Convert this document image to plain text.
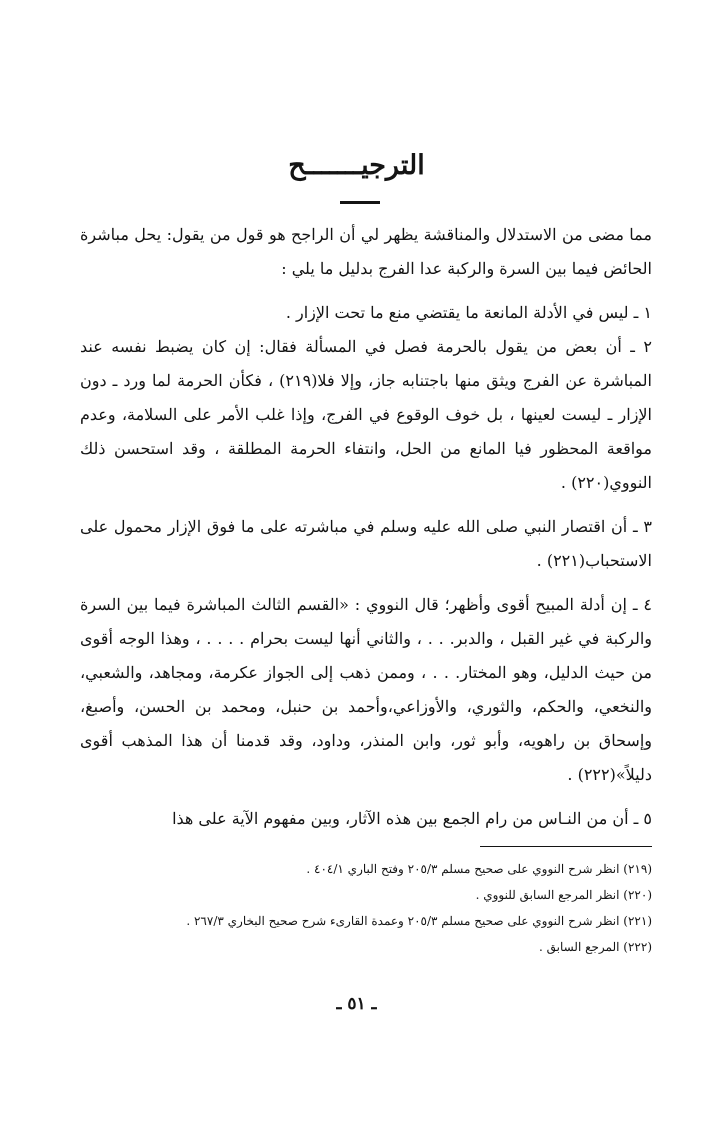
الترجيـــــــح

مما مضى من الاستدلال والمناقشة يظهر لي أن الراجح هو قول من يقول: يحل مباشرة الحائض فيما بين السرة والركبة عدا الفرج بدليل ما يلي :

١ ـ ليس في الأدلة المانعة ما يقتضي منع ما تحت الإزار .

٢ ـ أن بعض من يقول بالحرمة فصل في المسألة فقال: إن كان يضبط نفسه عند المباشرة عن الفرج ويثق منها باجتنابه جاز، وإلا فلا(٢١٩) ، فكأن الحرمة لما ورد ـ دون الإزار ـ ليست لعينها ، بل خوف الوقوع في الفرج، وإذا غلب الأمر على السلامة، وعدم مواقعة المحظور فيا المانع من الحل، وانتفاء الحرمة المطلقة ، وقد استحسن ذلك النووي(٢٢٠) .

٣ ـ أن اقتصار النبي صلى الله عليه وسلم في مباشرته على ما فوق الإزار محمول على الاستحباب(٢٢١) .

٤ ـ إن أدلة المبيح أقوى وأظهر؛ قال النووي : «القسم الثالث المباشرة فيما بين السرة والركبة في غير القبل ، والدبر. . . ، والثاني أنها ليست بحرام . . . . ، وهذا الوجه أقوى من حيث الدليل، وهو المختار. . . ، وممن ذهب إلى الجواز عكرمة، ومجاهد، والشعبي، والنخعي، والحكم، والثوري، والأوزاعي،وأحمد بن حنبل، ومحمد بن الحسن، وأصبغ، وإسحاق بن راهويه، وأبو ثور، وابن المنذر، وداود، وقد قدمنا أن هذا المذهب أقوى دليلاً»(٢٢٢) .

٥ ـ أن من النـاس من رام الجمع بين هذه الآثار، وبين مفهوم الآية على هذا

(٢١٩) انظر شرح النووي على صحيح مسلم ٢٠٥/٣ وفتح الباري ٤٠٤/١ .
(٢٢٠) انظر المرجع السابق للنووي .
(٢٢١) انظر شرح النووي على صحيح مسلم ٢٠٥/٣ وعمدة القارىء شرح صحيح البخاري ٢٦٧/٣ .
(٢٢٢) المرجع السابق .
ـ ٥١ ـ
